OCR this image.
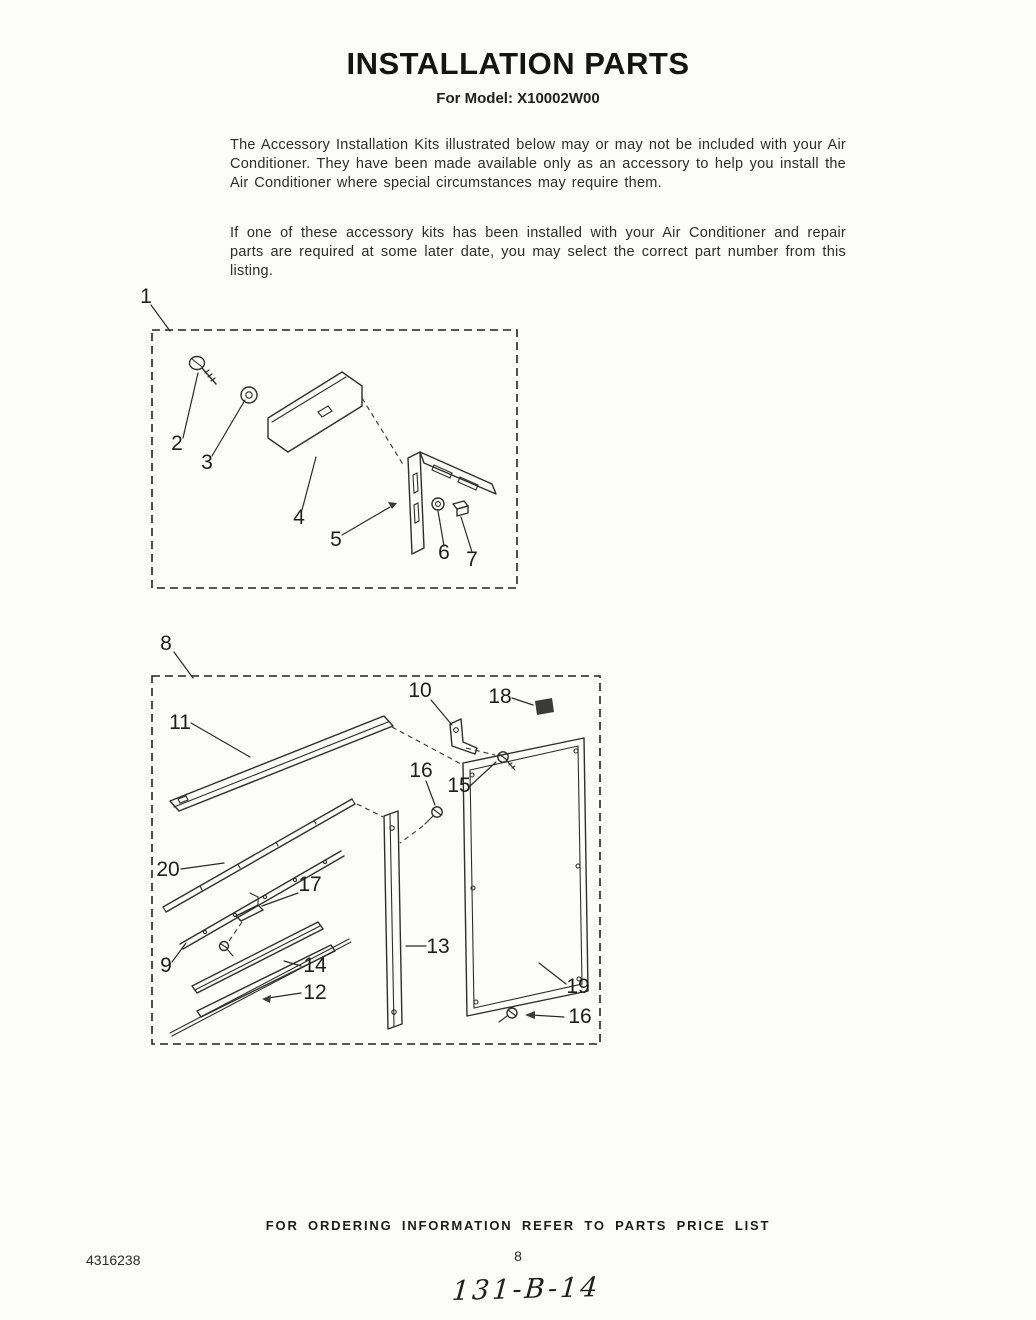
INSTALLATION PARTS
For Model: X10002W00

The Accessory Installation Kits illustrated below may or may not be included with your Air Conditioner. They have been made available only as an accessory to help you install the Air Conditioner where special circumstances may require them.

If one of these accessory kits has been installed with your Air Conditioner and repair parts are required at some later date, you may select the correct part number from this listing.

1
2
3
4
5
6 7
8
11
10	18
16
15
20
17
9	14
12
13
19
16
FOR ORDERING INFORMATION REFER TO PARTS PRICE LIST
4316238	8
131-B-14
